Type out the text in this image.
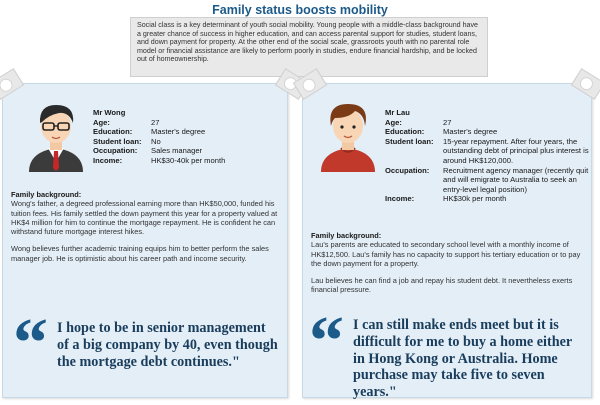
Family status boosts mobility
Social class is a key determinant of youth social mobility. Young people with a middle-class background have a greater chance of success in higher education, and can access parental support for studies, student loans, and down payment for property. At the other end of the social scale, grassroots youth with no parental role model or financial assistance are likely to perform poorly in studies, endure financial hardship, and be locked out of homeownership.
Mr Wong
Age:	27
Education:	Master's degree
Student loan:	No
Occupation:	Sales manager
Income:	HK$30-40k per month
Family background:

Wong's father, a degreed professional earning more than HK$50,000, funded his tuition fees. His family settled the down payment this year for a property valued at HK$4 million for him to continue the mortgage repayment. He is confident he can withstand future mortgage interest hikes.

Wong believes further academic training equips him to better perform the sales manager job. He is optimistic about his career path and income security.

“ I hope to be in senior management of a big company by 40, even though the mortgage debt continues."
Mr Lau
Age:	27
Education:	Master's degree
Student loan:	15-year repayment. After four years, the outstanding debt of principal plus interest is around HK$120,000.
Occupation:	Recruitment agency manager (recently quit and will emigrate to Australia to seek an entry-level legal position)
Income:	HK$30k per month
Family background:

Lau's parents are educated to secondary school level with a monthly income of HK$12,500. Lau's family has no capacity to support his tertiary education or to pay the down payment for a property.

Lau believes he can find a job and repay his student debt. It nevertheless exerts financial pressure.

“ I can still make ends meet but it is difficult for me to buy a home either in Hong Kong or Australia. Home purchase may take five to seven years."
